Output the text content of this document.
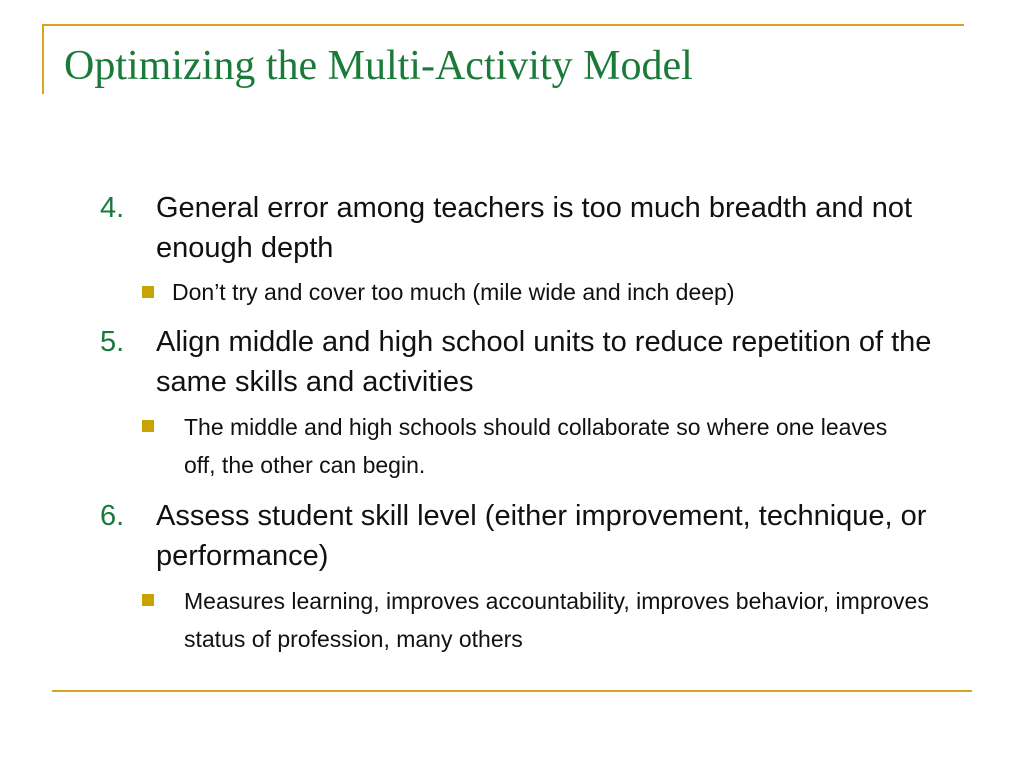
Optimizing the Multi-Activity Model
4. General error among teachers is too much breadth and not enough depth
Don’t try and cover too much (mile wide and inch deep)
5. Align middle and high school units to reduce repetition of the same skills and activities
The middle and high schools should collaborate so where one leaves off, the other can begin.
6. Assess student skill level (either improvement, technique, or performance)
Measures learning, improves accountability, improves behavior, improves status of profession, many others
